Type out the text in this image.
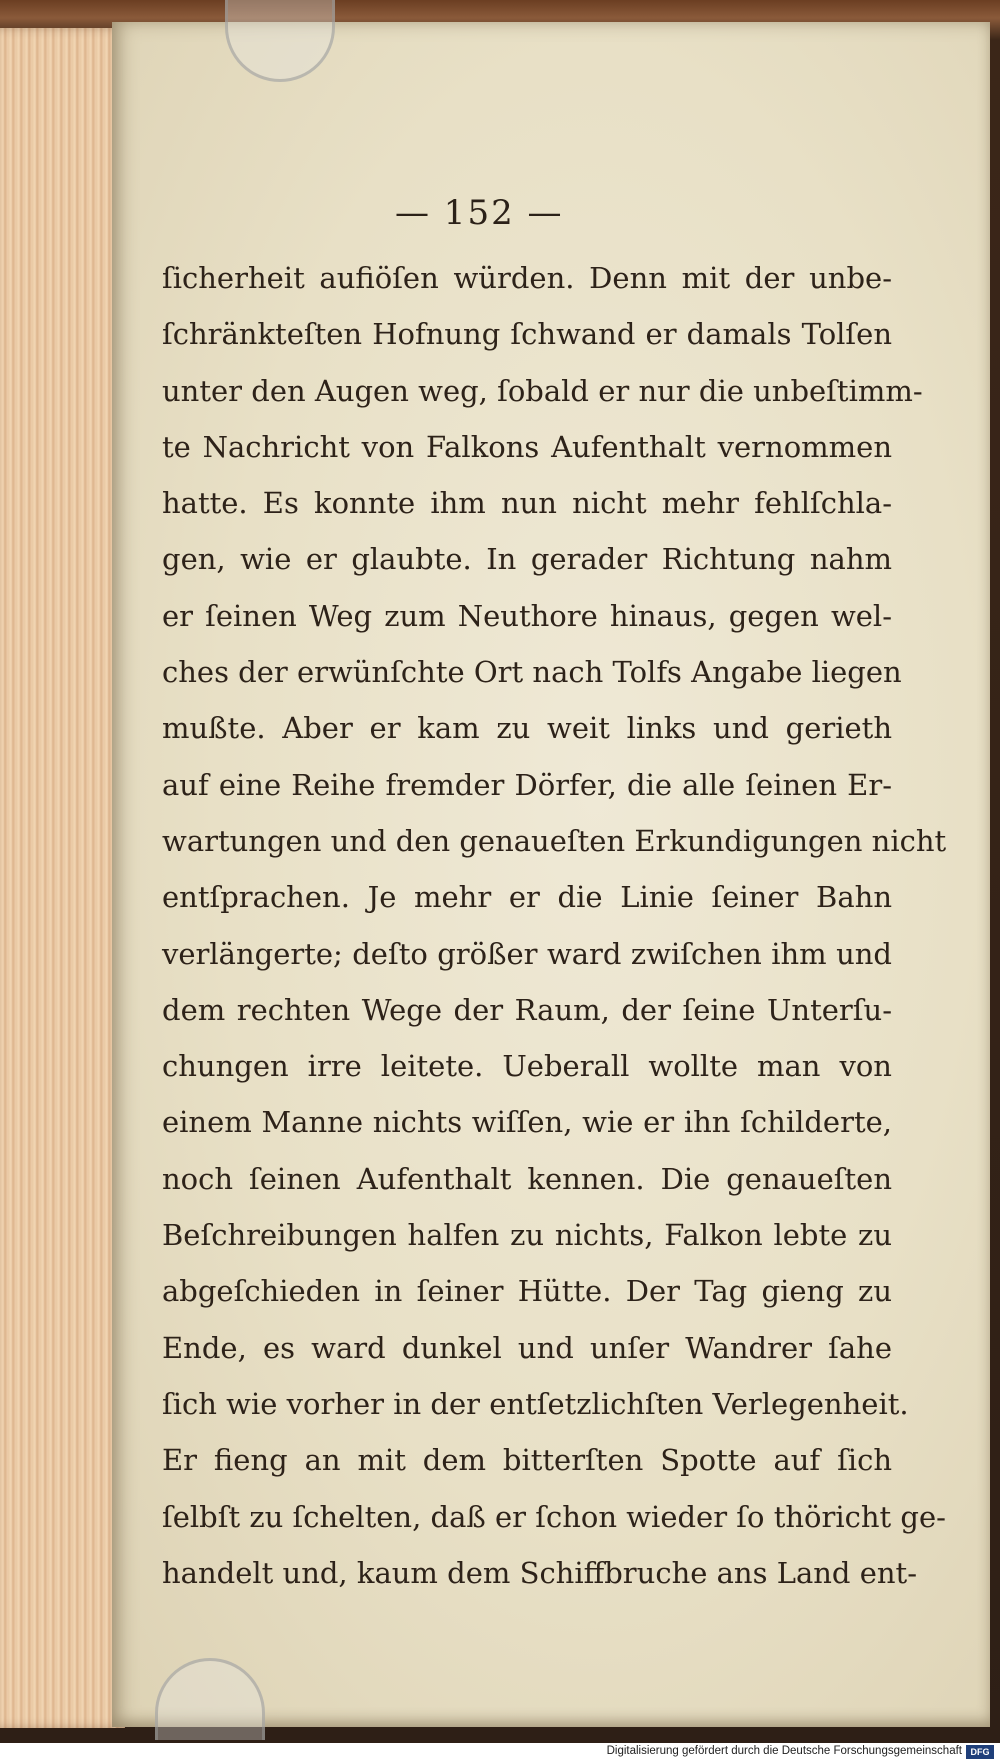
— 152 —
ſicherheit aufiöſen würden. Denn mit der unbe-
ſchränkteſten Hofnung ſchwand er damals Tolſen
unter den Augen weg, ſobald er nur die unbeſtimm-
te Nachricht von Falkons Aufenthalt vernommen
hatte. Es konnte ihm nun nicht mehr fehlſchla-
gen, wie er glaubte. In gerader Richtung nahm
er ſeinen Weg zum Neuthore hinaus, gegen wel-
ches der erwünſchte Ort nach Tolfs Angabe liegen
mußte. Aber er kam zu weit links und gerieth
auf eine Reihe fremder Dörfer, die alle ſeinen Er-
wartungen und den genaueſten Erkundigungen nicht
entſprachen. Je mehr er die Linie ſeiner Bahn
verlängerte; deſto größer ward zwiſchen ihm und
dem rechten Wege der Raum, der ſeine Unterſu-
chungen irre leitete. Ueberall wollte man von
einem Manne nichts wiſſen, wie er ihn ſchilderte,
noch ſeinen Aufenthalt kennen. Die genaueſten
Beſchreibungen halfen zu nichts, Falkon lebte zu
abgeſchieden in ſeiner Hütte. Der Tag gieng zu
Ende, es ward dunkel und unſer Wandrer ſahe
ſich wie vorher in der entſetzlichſten Verlegenheit.
Er fieng an mit dem bitterſten Spotte auf ſich
ſelbſt zu ſchelten, daß er ſchon wieder ſo thöricht ge-
handelt und, kaum dem Schiffbruche ans Land ent-
Digitalisierung gefördert durch die Deutsche Forschungsgemeinschaft DFG
